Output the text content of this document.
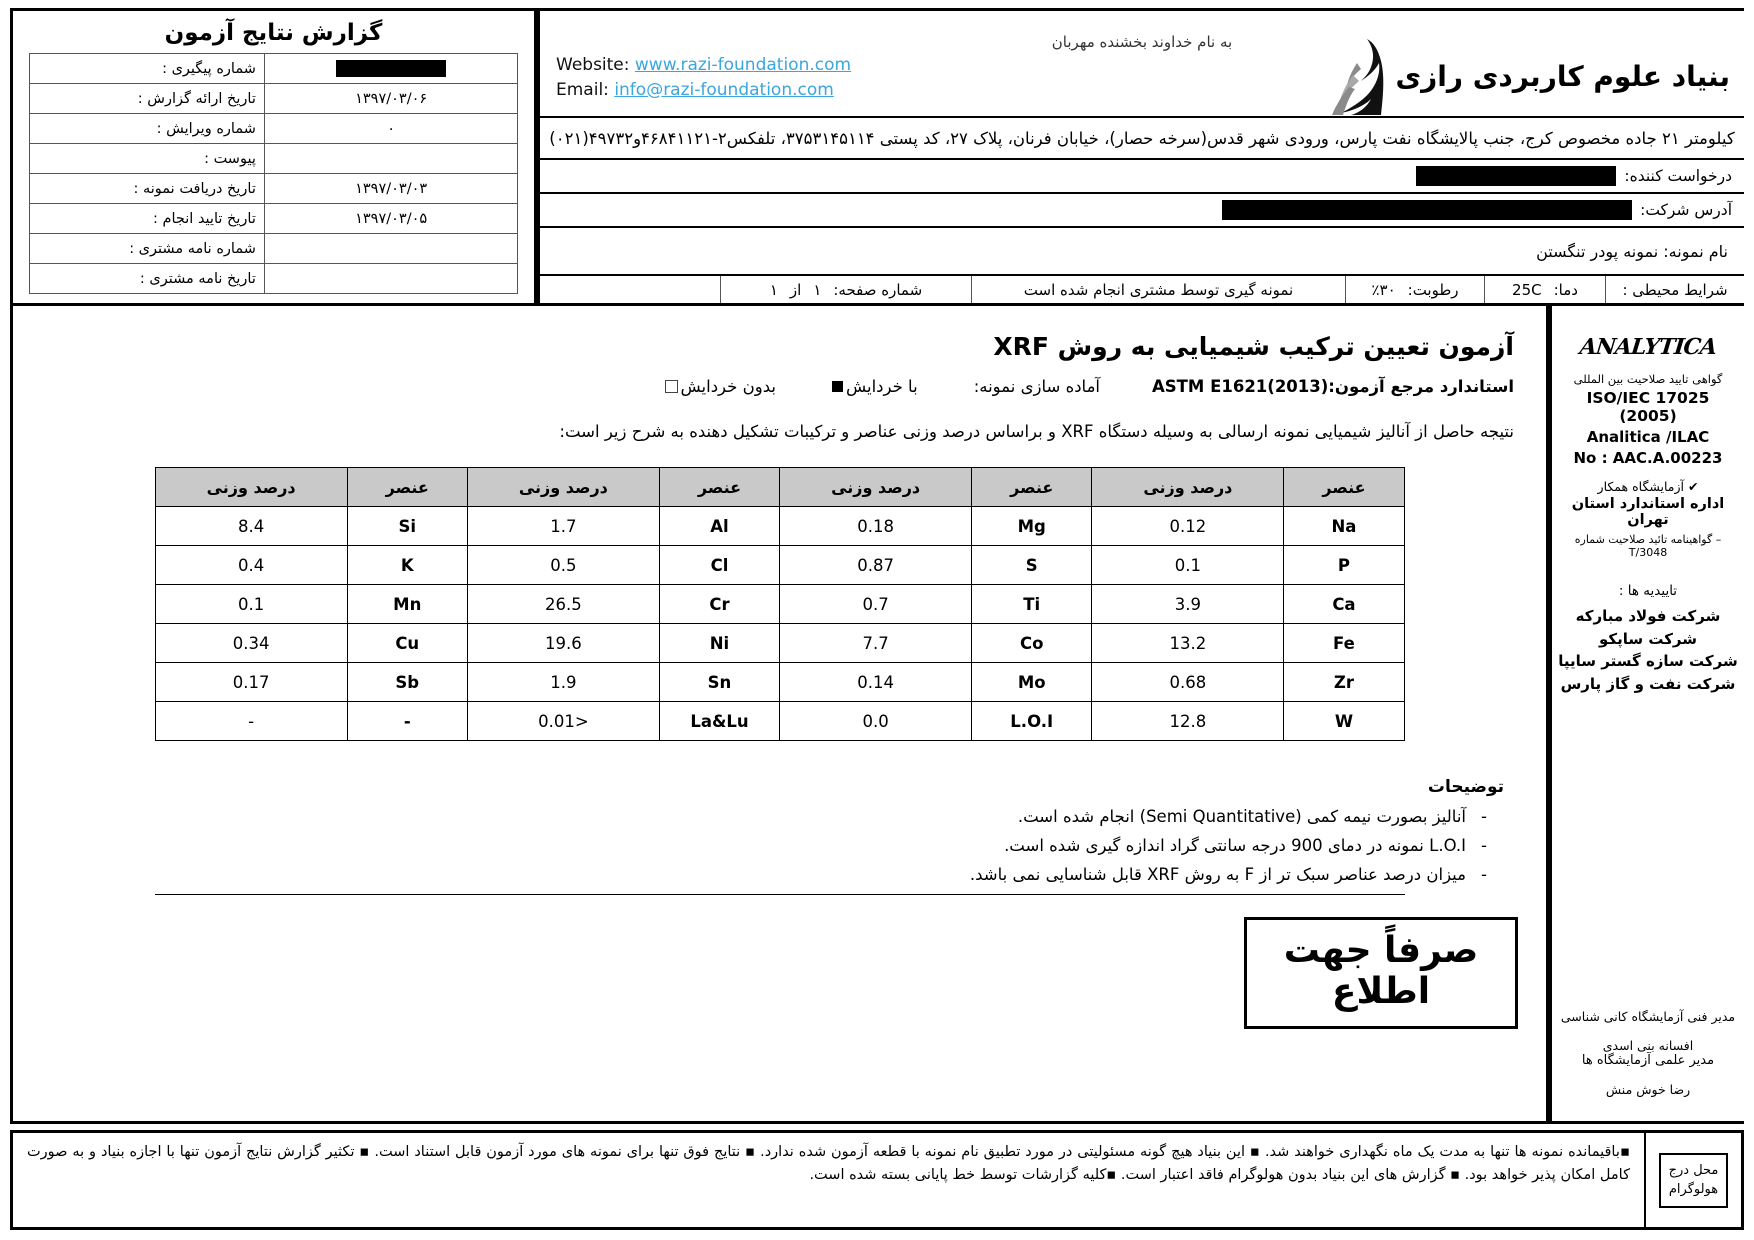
گزارش نتایج آزمون
	شماره پیگیری :
۱۳۹۷/۰۳/۰۶	تاریخ ارائه گزارش :
۰	شماره ویرایش :
	پیوست :
۱۳۹۷/۰۳/۰۳	تاریخ دریافت نمونه :
۱۳۹۷/۰۳/۰۵	تاریخ تایید انجام :
	شماره نامه مشتری :
	تاریخ نامه مشتری :
به نام خداوند بخشنده مهربان
بنیاد علوم کاربردی رازی
Website: www.razi-foundation.com
Email: info@razi-foundation.com
کیلومتر ۲۱ جاده مخصوص کرج، جنب پالایشگاه نفت پارس، ورودی شهر قدس(سرخه حصار)، خیابان فرنان، پلاک ۲۷، کد پستی ۳۷۵۳۱۴۵۱۱۴، تلفکس۲-۴۶۸۴۱۱۲۱و۴۹۷۳۲(۰۲۱)
درخواست کننده:
آدرس شرکت:
نام نمونه: نمونه پودر تنگستن
شرایط محیطی :
دما:
25C
رطوبت:
٪۳۰
نمونه گیری توسط مشتری انجام شده است
شماره صفحه:
۱
از
۱
آزمون تعیین ترکیب شیمیایی به روش XRF
استاندارد مرجع آزمون:
ASTM E1621(2013)
آماده سازی نمونه:
با خردایش
بدون خردایش
نتیجه حاصل از آنالیز شیمیایی نمونه ارسالی به وسیله دستگاه XRF و براساس درصد وزنی عناصر و ترکیبات تشکیل دهنده به شرح زیر است:
عنصر	درصد وزنی	عنصر	درصد وزنی	عنصر	درصد وزنی	عنصر	درصد وزنی
Na	0.12	Mg	0.18	Al	1.7	Si	8.4
P	0.1	S	0.87	Cl	0.5	K	0.4
Ca	3.9	Ti	0.7	Cr	26.5	Mn	0.1
Fe	13.2	Co	7.7	Ni	19.6	Cu	0.34
Zr	0.68	Mo	0.14	Sn	1.9	Sb	0.17
W	12.8	L.O.I	0.0	La&Lu	<0.01	-	-
توضیحات
-
آنالیز بصورت نیمه کمی (Semi Quantitative) انجام شده است.
-
L.O.I نمونه در دمای 900 درجه سانتی گراد اندازه گیری شده است.
-
میزان درصد عناصر سبک تر از F به روش XRF قابل شناسایی نمی باشد.
صرفاً جهت اطلاع
ANALYTICA
گواهی تایید صلاحیت بین المللی
ISO/IEC 17025 (2005)
Analitica /ILAC
No : AAC.A.00223
✔ آزمایشگاه همکار
اداره استاندارد استان تهران
– گواهینامه تائید صلاحیت شماره T/3048
تاییدیه ها :
شرکت فولاد مبارکه
شرکت ساپکو
شرکت سازه گستر سایپا
شرکت نفت و گاز پارس
مدیر فنی آزمایشگاه کانی شناسی
افسانه بنی اسدی
مدیر علمی آزمایشگاه ها
رضا خوش منش
▪باقیمانده نمونه ها تنها به مدت یک ماه نگهداری خواهند شد. ▪ این بنیاد هیچ گونه مسئولیتی در مورد تطبیق نام نمونه با قطعه آزمون شده ندارد. ▪ نتایج فوق تنها برای نمونه های مورد آزمون قابل استناد است. ▪ تکثیر گزارش نتایج آزمون تنها با اجازه بنیاد و به صورت کامل امکان پذیر خواهد بود. ▪ گزارش های این بنیاد بدون هولوگرام فاقد اعتبار است. ▪کلیه گزارشات توسط خط پایانی بسته شده است.	محل درج
هولوگرام
